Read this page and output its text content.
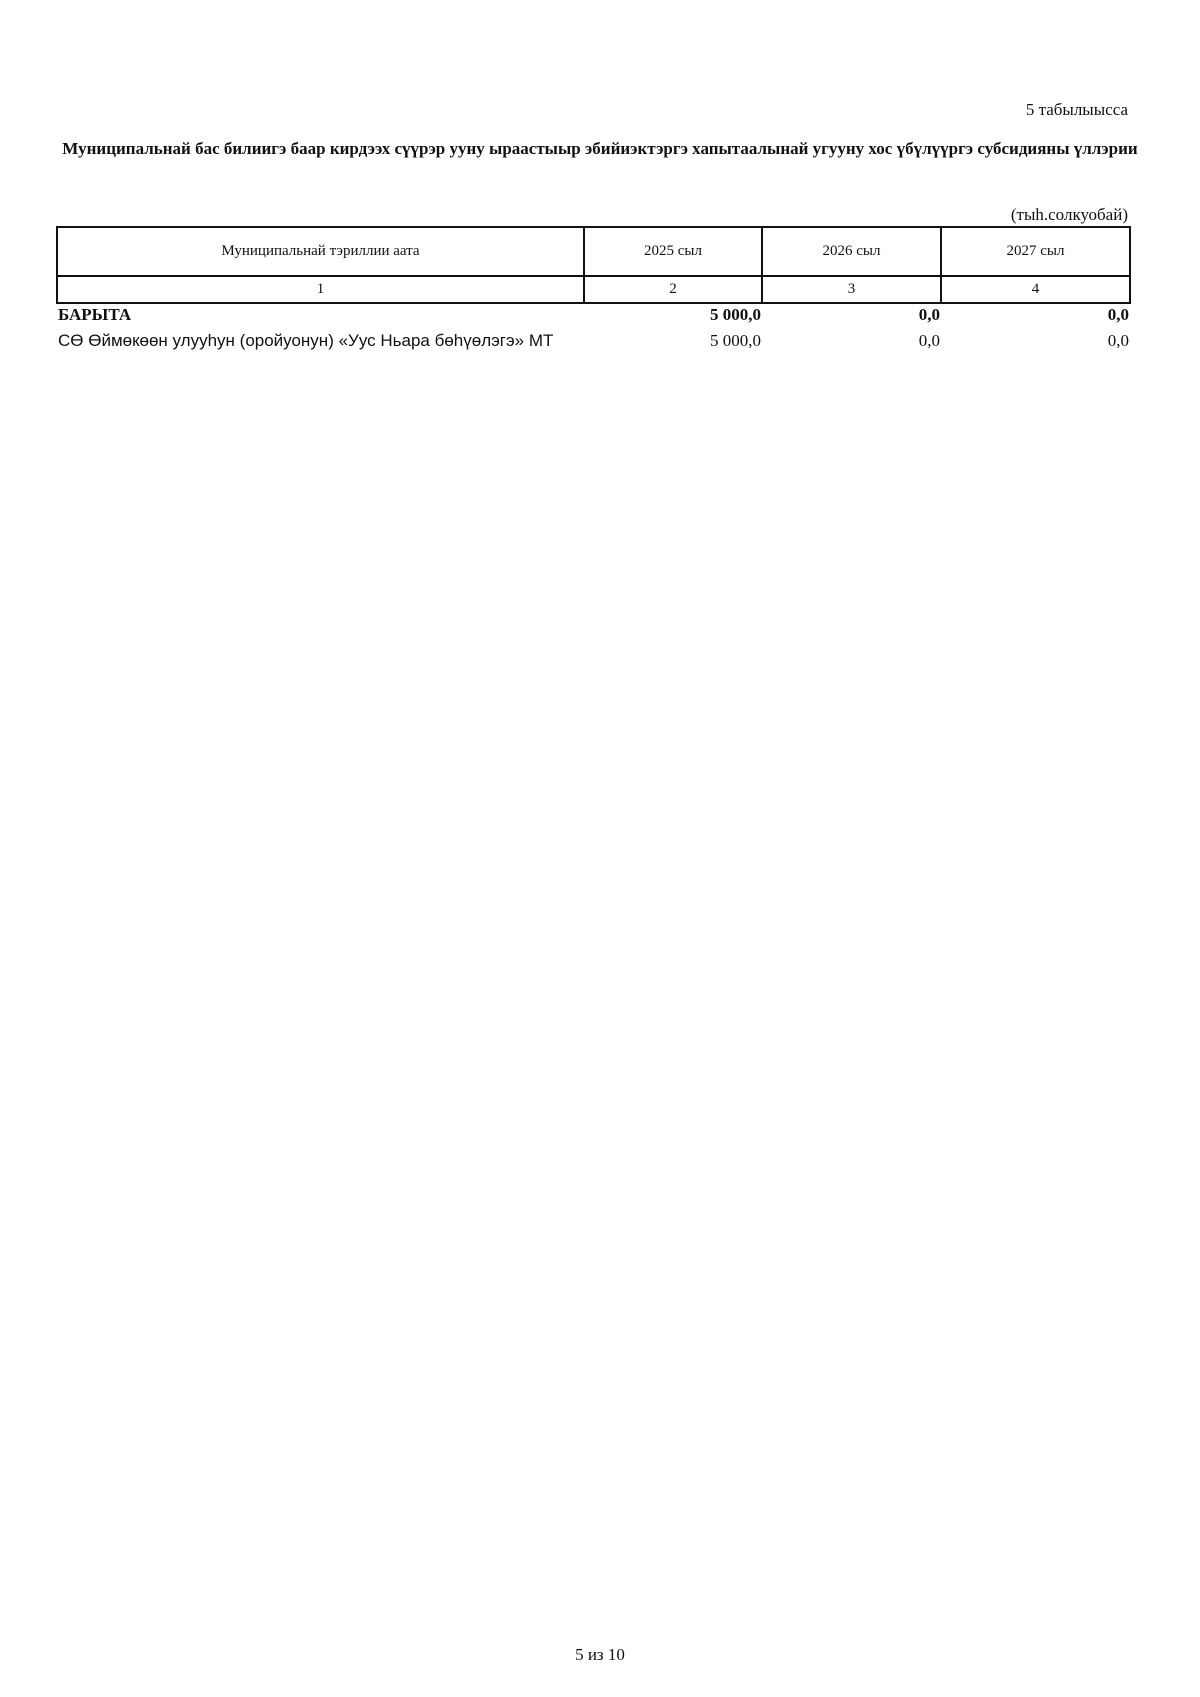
5 табылыысса
Муниципальнай бас билиигэ баар кирдээх сүүрэр ууну ыраастыыр эбийиэктэргэ хапытаалынай угууну хос үбүлүүргэ субсидияны үллэрии
(тыһ.солкуобай)
Муниципальнай тэриллии аата	2025 сыл	2026 сыл	2027 сыл
1	2	3	4
БАРЫТА	5 000,0	0,0	0,0
СӨ Өймөкөөн улууһун (оройуонун) «Уус Ньара бөһүөлэгэ» МТ	5 000,0	0,0	0,0
5 из 10
